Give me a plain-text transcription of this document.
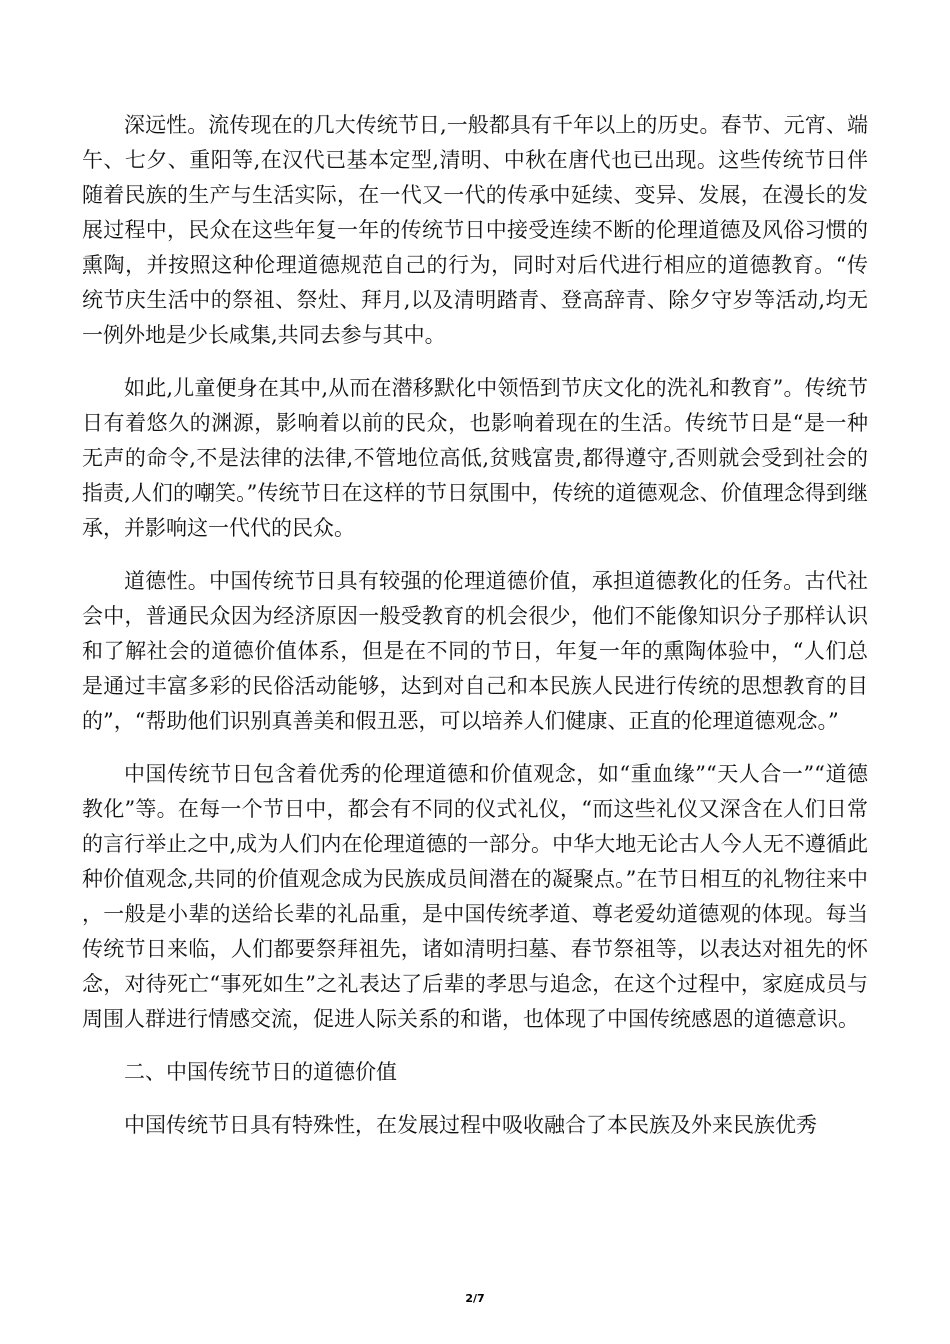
深远性。流传现在的几大传统节日,一般都具有千年以上的历史。春节、元宵、端午、七夕、重阳等,在汉代已基本定型,清明、中秋在唐代也已出现。这些传统节日伴随着民族的生产与生活实际，在一代又一代的传承中延续、变异、发展，在漫长的发展过程中，民众在这些年复一年的传统节日中接受连续不断的伦理道德及风俗习惯的熏陶，并按照这种伦理道德规范自己的行为，同时对后代进行相应的道德教育。“传统节庆生活中的祭祖、祭灶、拜月,以及清明踏青、登高辞青、除夕守岁等活动,均无一例外地是少长咸集,共同去参与其中。

如此,儿童便身在其中,从而在潜移默化中领悟到节庆文化的洗礼和教育”。传统节日有着悠久的渊源，影响着以前的民众，也影响着现在的生活。传统节日是“是一种无声的命令,不是法律的法律,不管地位高低,贫贱富贵,都得遵守,否则就会受到社会的指责,人们的嘲笑。”传统节日在这样的节日氛围中，传统的道德观念、价值理念得到继承，并影响这一代代的民众。

道德性。中国传统节日具有较强的伦理道德价值，承担道德教化的任务。古代社会中，普通民众因为经济原因一般受教育的机会很少，他们不能像知识分子那样认识和了解社会的道德价值体系，但是在不同的节日，年复一年的熏陶体验中，“人们总是通过丰富多彩的民俗活动能够，达到对自己和本民族人民进行传统的思想教育的目的”，“帮助他们识别真善美和假丑恶，可以培养人们健康、正直的伦理道德观念。”

中国传统节日包含着优秀的伦理道德和价值观念，如“重血缘”“天人合一”“道德教化”等。在每一个节日中，都会有不同的仪式礼仪，“而这些礼仪又深含在人们日常的言行举止之中,成为人们内在伦理道德的一部分。中华大地无论古人今人无不遵循此种价值观念,共同的价值观念成为民族成员间潜在的凝聚点。”在节日相互的礼物往来中，一般是小辈的送给长辈的礼品重，是中国传统孝道、尊老爱幼道德观的体现。每当传统节日来临，人们都要祭拜祖先，诸如清明扫墓、春节祭祖等，以表达对祖先的怀念，对待死亡“事死如生”之礼表达了后辈的孝思与追念，在这个过程中，家庭成员与周围人群进行情感交流，促进人际关系的和谐，也体现了中国传统感恩的道德意识。

二、中国传统节日的道德价值

中国传统节日具有特殊性，在发展过程中吸收融合了本民族及外来民族优秀

2/7
